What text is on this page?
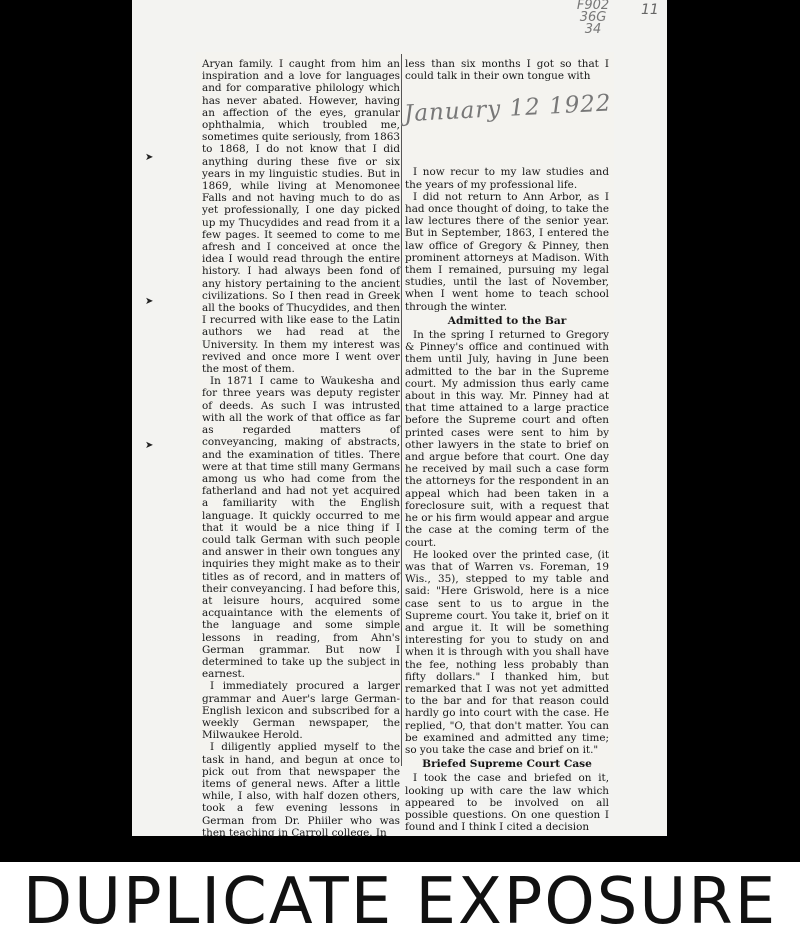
F902
36G
34
11
➤
➤
➤

Aryan family. I caught from him an inspiration and a love for languages and for comparative philology which has never abated. However, having an affection of the eyes, granular ophthalmia, which troubled me, sometimes quite seriously, from 1863 to 1868, I do not know that I did anything during these five or six years in my linguistic studies. But in 1869, while living at Menomonee Falls and not having much to do as yet professionally, I one day picked up my Thucydides and read from it a few pages. It seemed to come to me afresh and I conceived at once the idea I would read through the entire history. I had always been fond of any history pertaining to the ancient civilizations. So I then read in Greek all the books of Thucydides, and then I recurred with like ease to the Latin authors we had read at the University. In them my interest was revived and once more I went over the most of them.

In 1871 I came to Waukesha and for three years was deputy register of deeds. As such I was intrusted with all the work of that office as far as regarded matters of conveyancing, making of abstracts, and the examination of titles. There were at that time still many Germans among us who had come from the fatherland and had not yet acquired a familiarity with the English language. It quickly occurred to me that it would be a nice thing if I could talk German with such people and answer in their own tongues any inquiries they might make as to their titles as of record, and in matters of their conveyancing. I had before this, at leisure hours, acquired some acquaintance with the elements of the language and some simple lessons in reading, from Ahn's German grammar. But now I determined to take up the subject in earnest.

I immediately procured a larger grammar and Auer's large German-English lexicon and subscribed for a weekly German newspaper, the Milwaukee Herold.

I diligently applied myself to the task in hand, and begun at once to pick out from that newspaper the items of general news. After a little while, I also, with half dozen others, took a few evening lessons in German from Dr. Phiiler who was then teaching in Carroll college. In

less than six months I got so that I could talk in their own tongue with

I now recur to my law studies and the years of my professional life.

I did not return to Ann Arbor, as I had once thought of doing, to take the law lectures there of the senior year. But in September, 1863, I entered the law office of Gregory & Pinney, then prominent attorneys at Madison. With them I remained, pursuing my legal studies, until the last of November, when I went home to teach school through the winter.

Admitted to the Bar

In the spring I returned to Gregory & Pinney's office and continued with them until July, having in June been admitted to the bar in the Supreme court. My admission thus early came about in this way. Mr. Pinney had at that time attained to a large practice before the Supreme court and often printed cases were sent to him by other lawyers in the state to brief on and argue before that court. One day he received by mail such a case form the attorneys for the respondent in an appeal which had been taken in a foreclosure suit, with a request that he or his firm would appear and argue the case at the coming term of the court.

He looked over the printed case, (it was that of Warren vs. Foreman, 19 Wis., 35), stepped to my table and said: "Here Griswold, here is a nice case sent to us to argue in the Supreme court. You take it, brief on it and argue it. It will be something interesting for you to study on and when it is through with you shall have the fee, nothing less probably than fifty dollars." I thanked him, but remarked that I was not yet admitted to the bar and for that reason could hardly go into court with the case. He replied, "O, that don't matter. You can be examined and admitted any time; so you take the case and brief on it."

Briefed Supreme Court Case

I took the case and briefed on it, looking up with care the law which appeared to be involved on all possible questions. On one question I found and I think I cited a decision

January 12 1922
DUPLICATE EXPOSURE
